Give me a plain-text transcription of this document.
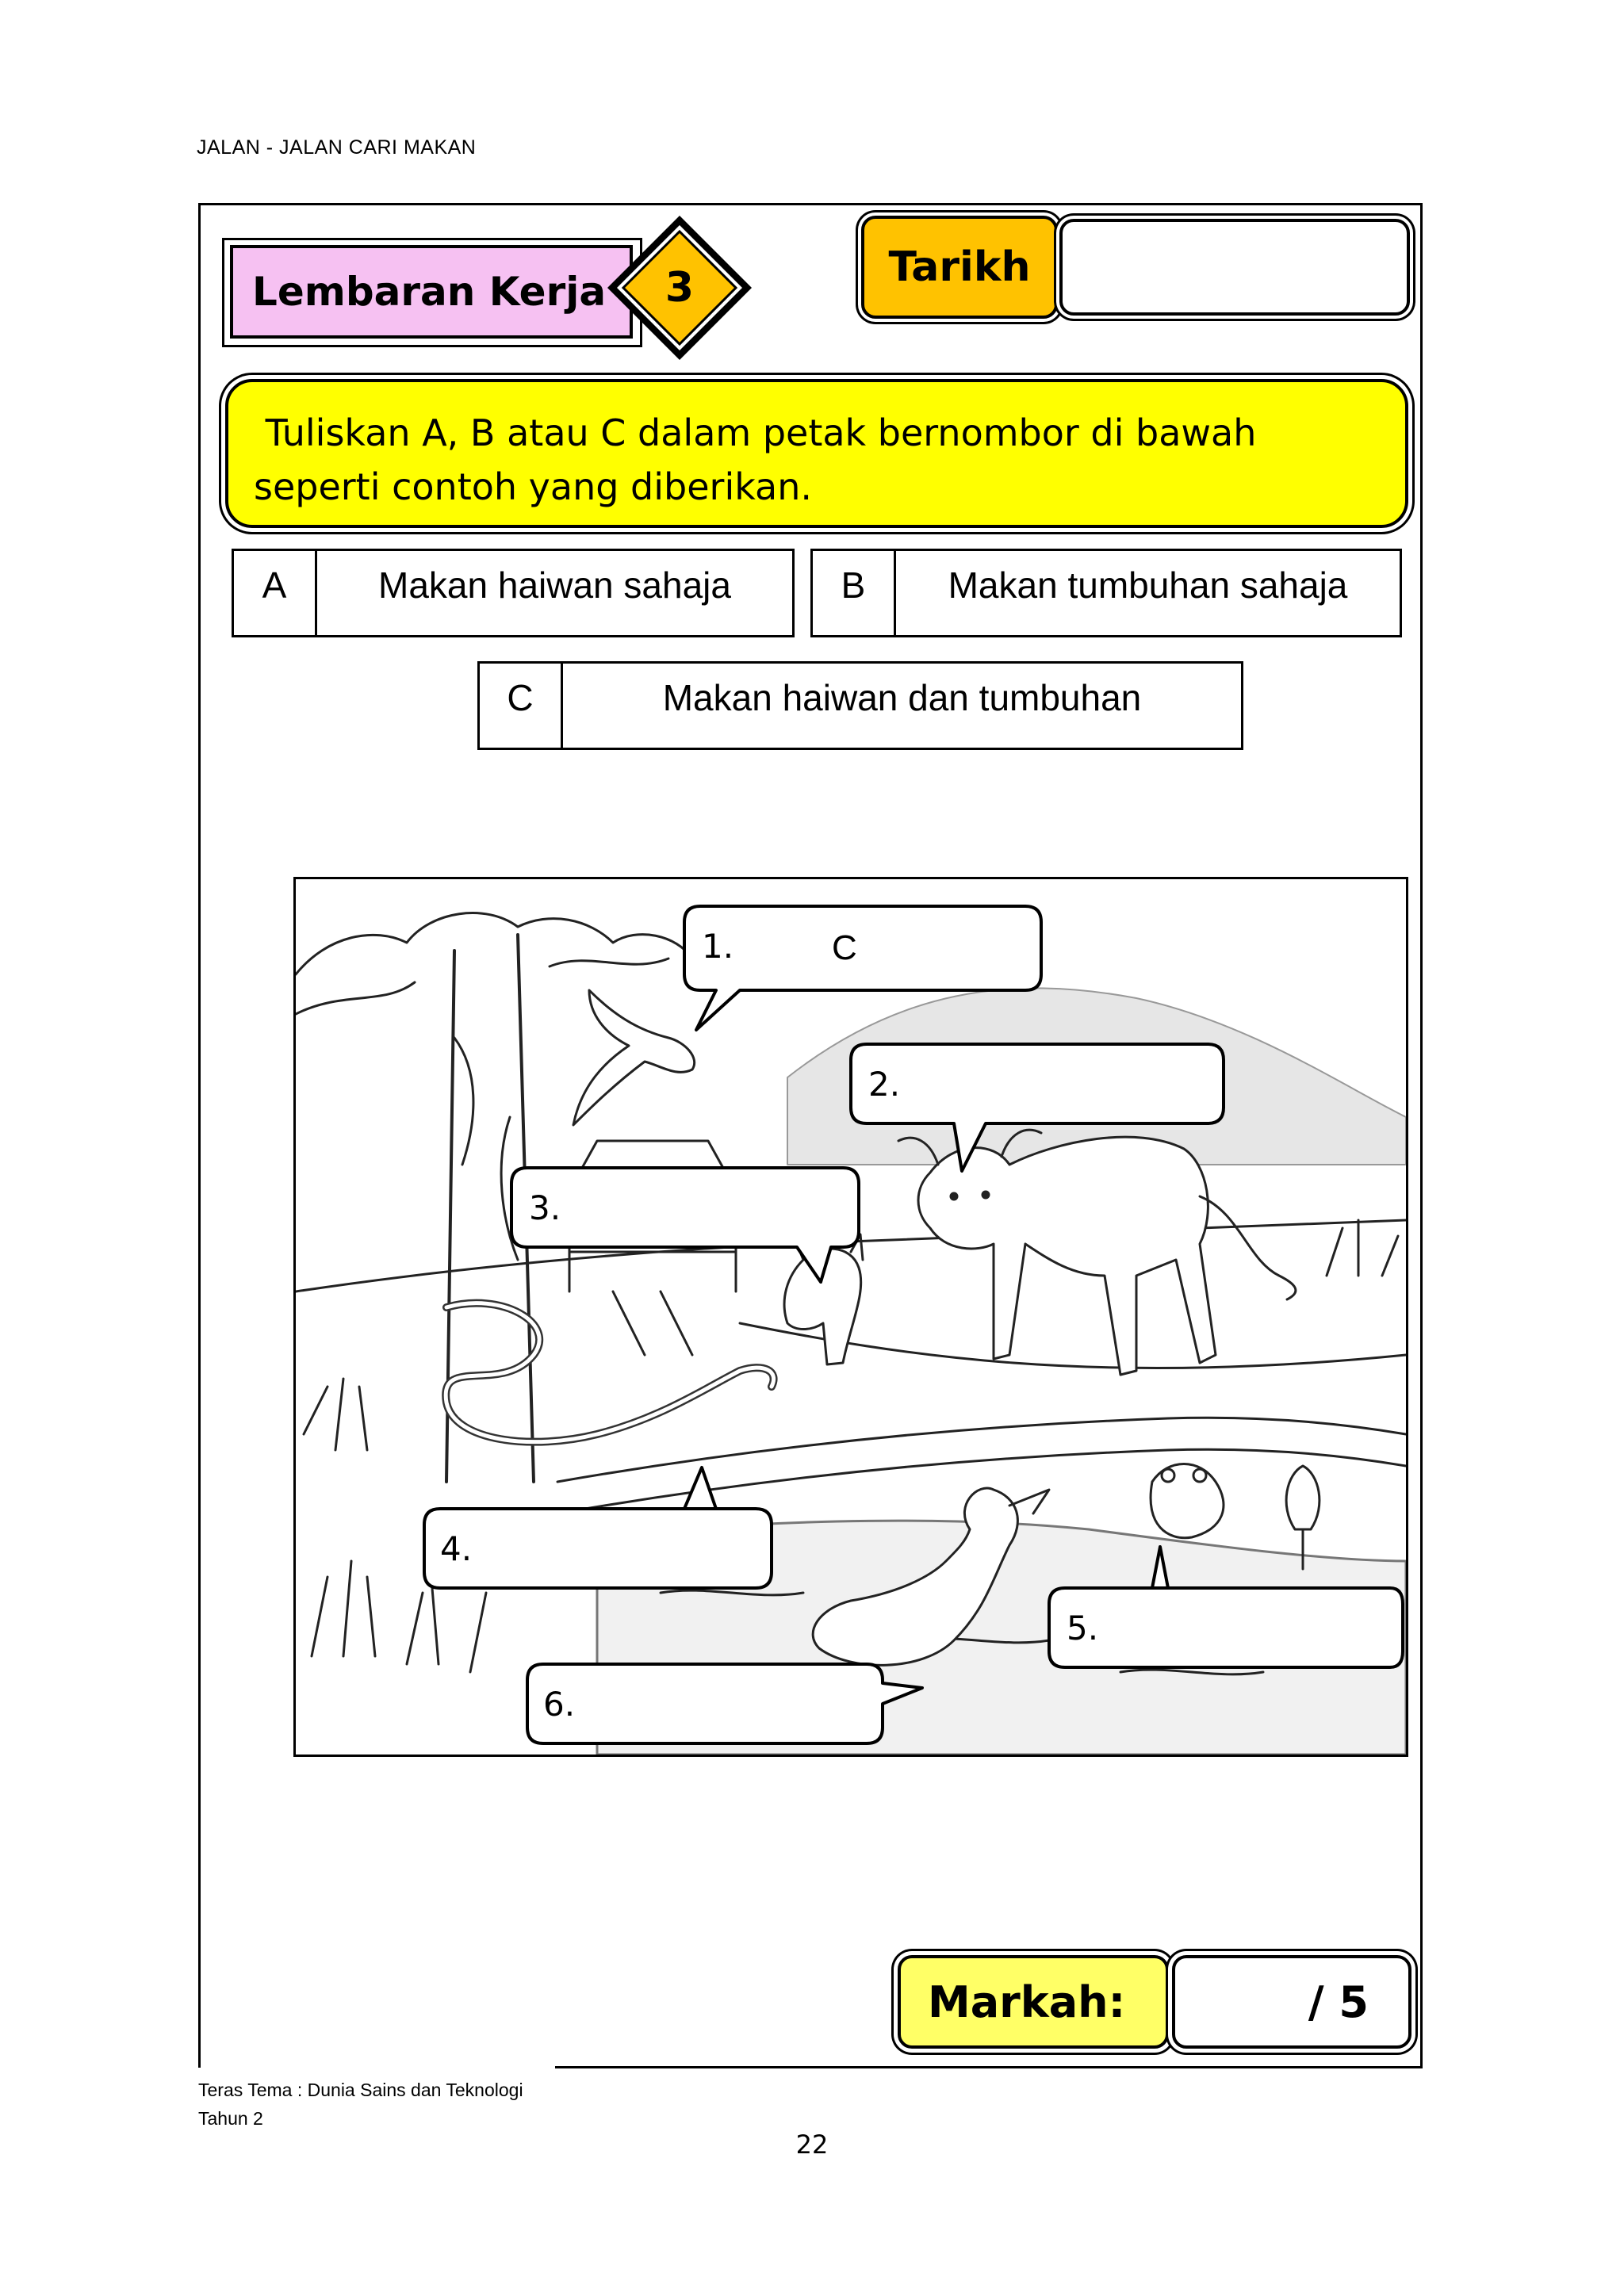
JALAN - JALAN CARI MAKAN
Lembaran Kerja	3	Tarikh
Tuliskan A, B atau C dalam petak bernombor di bawah
seperti contoh yang diberikan.
A	Makan haiwan sahaja	B	Makan tumbuhan sahaja
C	Makan haiwan dan tumbuhan
1.	C
2.
3.
4.
5.
6.
Markah:	/ 5
Teras Tema : Dunia Sains dan Teknologi
Tahun 2
22
